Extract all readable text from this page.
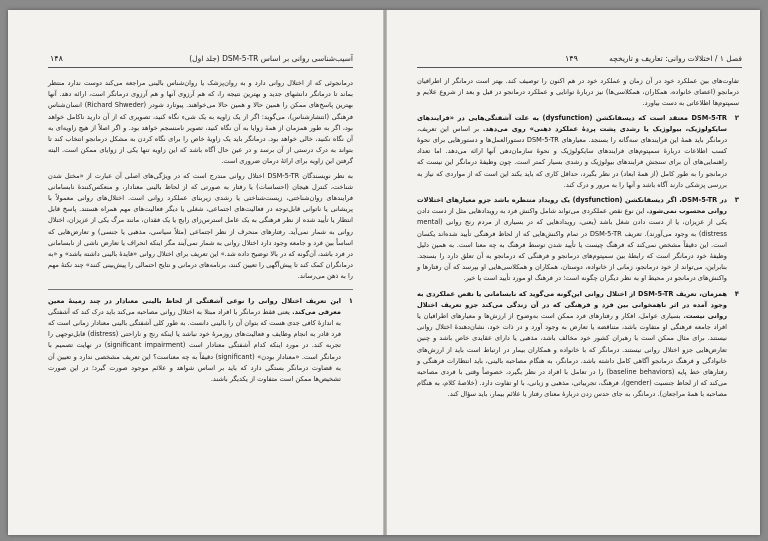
۱۴۸	آسیب‌شناسی روانی بر اساس DSM-5-TR (جلد اول)

درمانجوئی که از اختلال روانی دارد و به روان‌پزشک یا روان‌شناس بالینی مراجعه می‌کند دوست ندارد منتظر بماند تا درمانگر دانشهای جدید و بهترین نتیجه را، که هم آرزوی آنها و هم آرزوی درمانگر است، ارائه دهد. آنها بهترین پاسخ‌های ممکن را همین حالا و همین حالا می‌خواهند. پیوتارد شودر (Richard Shweder) انسان‌شناس فرهنگی (انتشارشناس)، می‌گوید: اگر از یک زاویه به یک شیء نگاه کنید، تصویری که از آن دارید ناکامل خواهد بود، اگر به طور همزمان از همهٔ زوایا به آن نگاه کنید، تصویر نامنسجم خواهد بود. و اگر اصلاً از هیچ زاویه‌ای به آن نگاه نکنید، خالی خواهد بود. درمانگر باید یک زاویهٔ خاص را برای نگاه کردن به مشکل درمانجو انتخاب کند تا بتواند به درک درستی از آن برسد و در عین حال آگاه باشد که این زاویه تنها یکی از زوایای ممکن است. البته گرفتن این زاویه برای ارائهٔ درمان ضروری است.

به نظر نویسندگان DSM-5-TR اختلال روانی مندرج است که در ویژگی‌های اصلی آن عبارت از «مختل شدن شناخت، کنترل هیجان (احساسات) یا رفتار به صورتی که از لحاظ بالینی معنادار، و منعکس‌کنندهٔ نابسامانی فرایندهای روان‌شناختی، زیست‌شناختی یا رشدی زیربنای عملکرد روانی است. اختلال‌های روانی معمولاً با پریشانی یا ناتوانی قابل‌توجه در فعالیت‌های اجتماعی، شغلی یا دیگر فعالیت‌های مهم همراه هستند. پاسخ قابل انتظار یا تأیید شده از نظر فرهنگی به یک عامل استرس‌زای رایج یا یک فقدان، مانند مرگ یکی از عزیزان، اختلال روانی به شمار نمی‌آید. رفتارهای منحرف از نظر اجتماعی (مثلاً سیاسی، مذهبی یا جنسی) و تعارض‌هایی که اساساً بین فرد و جامعه وجود دارد اختلال روانی به شمار نمی‌آیند مگر اینکه انحراف یا تعارض ناشی از نابسامانی در فرد باشد، آن‌گونه که در بالا توضیح داده شد.» این تعریف برای اختلال روانی «فایدهٔ بالینی داشته باشد» و «به درمانگران کمک کند تا پیش‌آگهی را تعیین کنند، برنامه‌های درمانی و نتایج احتمالی را پیش‌بینی کنند» چند نکتهٔ مهم را به ذهن می‌رساند.

۱
این تعریف اختلال روانی را نوعی آشفتگی از لحاظ بالینی معنادار در چند زمینهٔ معین معرفی می‌کند. یعنی فقط درمانگر یا افراد مبتلا به اختلال روانی مصاحبه می‌کند باید درک کند که آشفتگی به اندازهٔ کافی جدی هست که بتوان آن را بالینی دانست. به طور کلی آشفتگی بالینی معنادار زمانی است که فرد قادر به انجام وظایف و فعالیت‌های روزمرهٔ خود نباشد یا اینکه رنج و ناراحتی (distress) قابل‌توجهی را تجربه کند. در مورد اینکه کدام آشفتگی معنادار است (significant impairment) در نهایت تصمیم با درمانگر است. «معنادار بودن» (significant) دقیقاً به چه معناست؟ این تعریف مشخصی ندارد و تعیین آن به قضاوت درمانگر بستگی دارد که باید بر اساس شواهد و علائم موجود صورت گیرد؛ در این صورت تشخیص‌ها ممکن است متفاوت از یکدیگر باشند.
فصل ۱ / اختلالات روانی: تعاریف و تاریخچه
۱۴۹

تفاوت‌های بین عملکرد خود در آن زمان و عملکرد خود در هم اکنون را توصیف کند. بهتر است درمانگر از اطرافیان درمانجو (اعضای خانواده، همکاران، همکلاسی‌ها) نیز دربارهٔ توانایی و عملکرد درمانجو در قبل و بعد از شروع علایم و سمپتوم‌ها اطلاعاتی به دست بیاورد.

۲
DSM-5-TR معتقد است که دیسفانکشن (dysfunction) به علت آشفتگی‌هایی در «فرایندهای سایکولوژیک، بیولوژیک یا رشدی پشت پردهٔ عملکرد ذهنی» روی می‌دهد. بر اساس این تعریف، درمانگر باید همهٔ این فرایندهای سه‌گانه را بسنجد. معیارهای DSM-5-TR دستورالعمل‌ها و دستورهایی برای نحوهٔ کسب اطلاعات دربارهٔ سمپتوم‌های فرایندهای سایکولوژیک و نحوهٔ سازمان‌دهی آنها ارائه می‌دهد. اما تعداد راهنمایی‌های آن برای سنجش فرایندهای بیولوژیک و رشدی بسیار کمتر است. چون وظیفهٔ درمانگر این نیست که درمانجو را به طور کامل (از همهٔ ابعاد) در نظر بگیرد، حداقل کاری که باید بکند این است که از مواردی که نیاز به بررسی پزشکی دارند آگاه باشد و آنها را به مرور و درک کند.
۳
در DSM-5-TR، اگر دیسفانکشن (dysfunction) یک رویداد منتظره باشد جزو معیارهای اختلالات روانی محسوب نمی‌شود. این نوع نقص عملکردی می‌تواند شامل واکنش فرد به رویدادهایی مثل از دست دادن یکی از عزیزان، یا از دست دادن شغل باشد (یعنی، رویدادهایی که در بسیاری از مردم رنج روانی (mental distress) به وجود می‌آورند). تعریف DSM-5-TR در تمام واکنش‌هایی که از لحاظ فرهنگی تأیید شده‌اند یکسان است. این دقیقاً مشخص نمی‌کند که فرهنگ چیست یا تأیید شدن توسط فرهنگ به چه معنا است. به همین دلیل وظیفهٔ خود درمانگر است که رابطهٔ بین سمپتوم‌های درمانجو و فرهنگی که درمانجو به آن تعلق دارد را بسنجد. بنابراین، می‌تواند از خود درمانجو، زمانی از خانواده، دوستان، همکاران و همکلاسی‌هایی او بپرسد که آن رفتارها و واکنش‌های درمانجو در محیط او به نظر دیگران چگونه است؛ در فرهنگ او مورد تأیید است یا خیر.
۴
همزمان، تعریف DSM-5-TR از اختلال روانی این‌گونه می‌گوید که نابسامانی یا نقص عملکردی به وجود آمده در اثر ناهمخوانی بین فرد و فرهنگی که در آن زندگی می‌کند جزو تعریف اختلال روانی نیست. بسیاری عوامل، افکار و رفتارهای فرد ممکن است به‌وضوح از ارزش‌ها و معیارهای اطرافیان یا افراد جامعه فرهنگی او متفاوت باشد، متناقضه یا تعارض به وجود آورد و در ذات خود، نشان‌دهندهٔ اختلال روانی نیستند. برای مثال ممکن است با رهبران کشور خود مخالف باشد، مذهبی یا دارای عقایدی خاص باشد و چنین تعارض‌هایی جزو اختلال روانی نیستند. درمانگر که با خانواده و همکاران بیمار در ارتباط است باید از ارزش‌های خانوادگی و فرهنگ درمانجو آگاهی کامل داشته باشد. درمانگر، به هنگام مصاحبه بالینی، باید انتظارات فرهنگی و رفتارهای خط پایه (baseline behaviors) را در تعامل با افراد در نظر بگیرد، خصوصاً وقتی با فردی مصاحبه می‌کند که از لحاظ جنسیت (gender)، فرهنگ، تجربیاتی، مذهبی و زبانی، با او تفاوت دارد. (خلاصهٔ کلام، به هنگام مصاحبه با همهٔ مراجعان). درمانگر، به جای حدس زدن دربارهٔ معنای رفتار یا علائم بیمار، باید سؤال کند.
